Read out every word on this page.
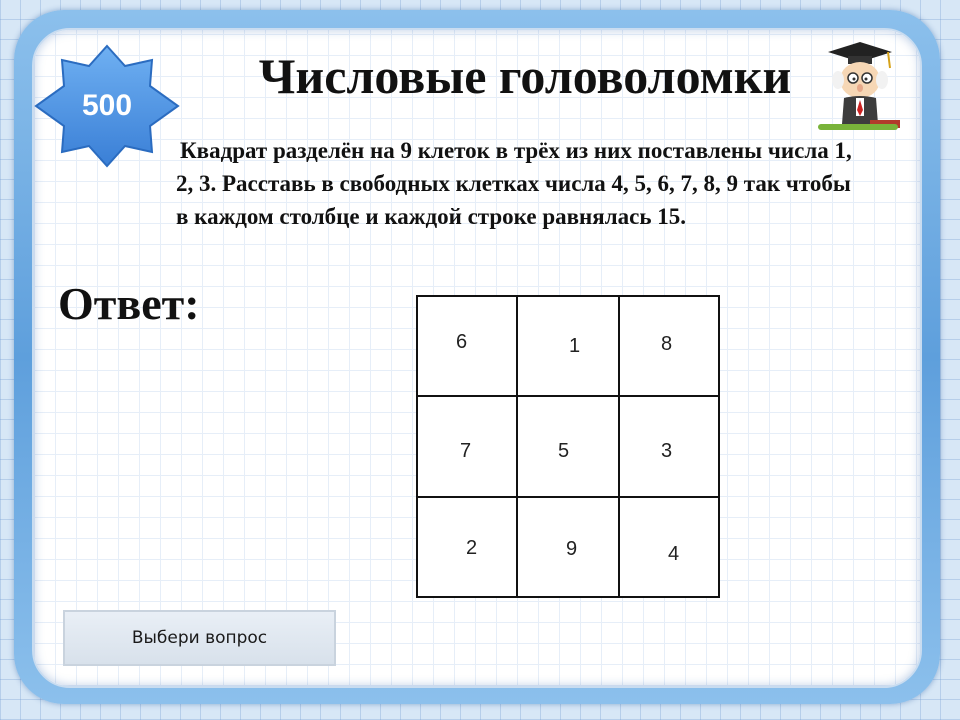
500
Числовые головоломки

Квадрат разделён на 9 клеток в трёх из них поставлены числа 1, 2, 3. Расставь в свободных клетках числа 4, 5, 6, 7, 8, 9 так чтобы в каждом столбце и каждой строке равнялась 15.

Ответ:
6	1	8
7	5	3
2	9	4
Выбери вопрос
